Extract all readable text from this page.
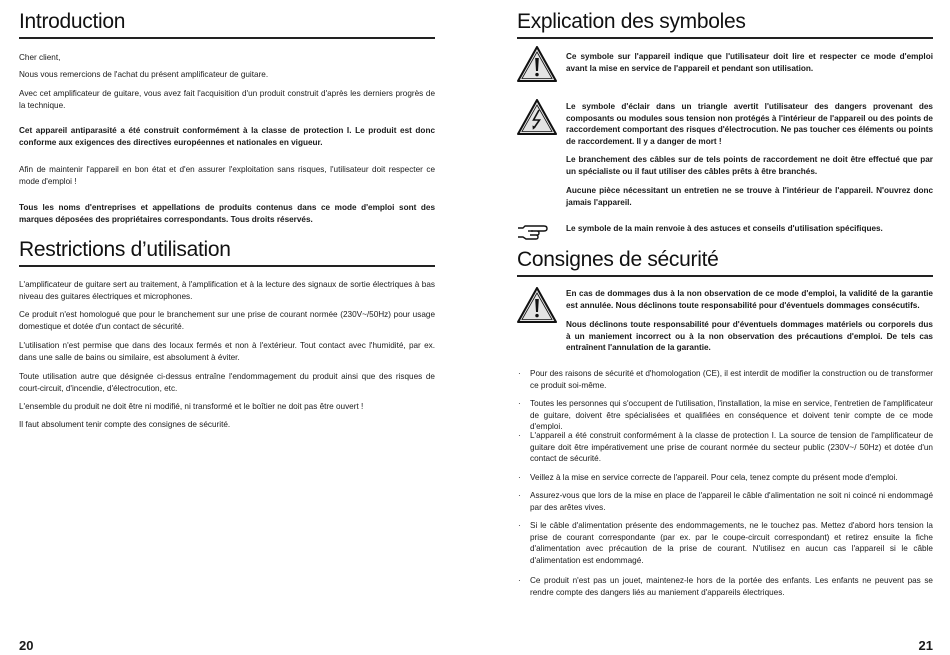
Introduction

Cher client,

Nous vous remercions de l'achat du présent amplificateur de guitare.

Avec cet amplificateur de guitare, vous avez fait l'acquisition d'un produit construit d'après les derniers progrès de la technique.

Cet appareil antiparasité a été construit conformément à la classe de protection I. Le produit est donc conforme aux exigences des directives européennes et nationales en vigueur.

Afin de maintenir l'appareil en bon état et d'en assurer l'exploitation sans risques, l'utilisateur doit respecter ce mode d'emploi !

Tous les noms d'entreprises et appellations de produits contenus dans ce mode d'emploi sont des marques déposées des propriétaires correspondants. Tous droits réservés.

Restrictions d’utilisation

L'amplificateur de guitare sert au traitement, à l'amplification et à la lecture des signaux de sortie électriques à bas niveau des guitares électriques et microphones.

Ce produit n'est homologué que pour le branchement sur une prise de courant normée (230V~/50Hz) pour usage domestique et dotée d'un contact de sécurité.

L'utilisation n'est permise que dans des locaux fermés et non à l'extérieur. Tout contact avec l'humidité, par ex. dans une salle de bains ou similaire, est absolument à éviter.

Toute utilisation autre que désignée ci-dessus entraîne l'endommagement du produit ainsi que des risques de court-circuit, d'incendie, d'électrocution, etc.

L'ensemble du produit ne doit être ni modifié, ni transformé et le boîtier ne doit pas être ouvert !

Il faut absolument tenir compte des consignes de sécurité.

20
Explication des symboles

Ce symbole sur l'appareil indique que l'utilisateur doit lire et respecter ce mode d'emploi avant la mise en service de l'appareil et pendant son utilisation.

Le symbole d'éclair dans un triangle avertit l'utilisateur des dangers provenant des composants ou modules sous tension non protégés à l'intérieur de l'appareil ou des points de raccordement comportant des risques d'électrocution. Ne pas toucher ces éléments ou points de raccordement. Il y a danger de mort !

Le branchement des câbles sur de tels points de raccordement ne doit être effectué que par un spécialiste ou il faut utiliser des câbles prêts à être branchés.

Aucune pièce nécessitant un entretien ne se trouve à l'intérieur de l'appareil. N'ouvrez donc jamais l'appareil.

Le symbole de la main renvoie à des astuces et conseils d'utilisation spécifiques.

Consignes de sécurité

En cas de dommages dus à la non observation de ce mode d'emploi, la validité de la garantie est annulée. Nous déclinons toute responsabilité pour d'éventuels dommages consécutifs.

Nous déclinons toute responsabilité pour d'éventuels dommages matériels ou corporels dus à un maniement incorrect ou à la non observation des précautions d'emploi. De tels cas entraînent l'annulation de la garantie.

· Pour des raisons de sécurité et d'homologation (CE), il est interdit de modifier la construction ou de transformer ce produit soi-même.
· Toutes les personnes qui s'occupent de l'utilisation, l'installation, la mise en service, l'entretien de l'amplificateur de guitare, doivent être spécialisées et qualifiées en conséquence et doivent tenir compte de ce mode d'emploi.
· L'appareil a été construit conformément à la classe de protection I. La source de tension de l'amplificateur de guitare doit être impérativement une prise de courant normée du secteur public (230V~/ 50Hz) et dotée d'un contact de sécurité.
· Veillez à la mise en service correcte de l'appareil. Pour cela, tenez compte du présent mode d'emploi.
· Assurez-vous que lors de la mise en place de l'appareil le câble d'alimentation ne soit ni coincé ni endommagé par des arêtes vives.
· Si le câble d'alimentation présente des endommagements, ne le touchez pas. Mettez d'abord hors tension la prise de courant correspondante (par ex. par le coupe-circuit correspondant) et retirez ensuite la fiche d'alimentation avec précaution de la prise de courant. N'utilisez en aucun cas l'appareil si le câble d'alimentation est endommagé.
· Ce produit n'est pas un jouet, maintenez-le hors de la portée des enfants. Les enfants ne peuvent pas se rendre compte des dangers liés au maniement d'appareils électriques.
21
